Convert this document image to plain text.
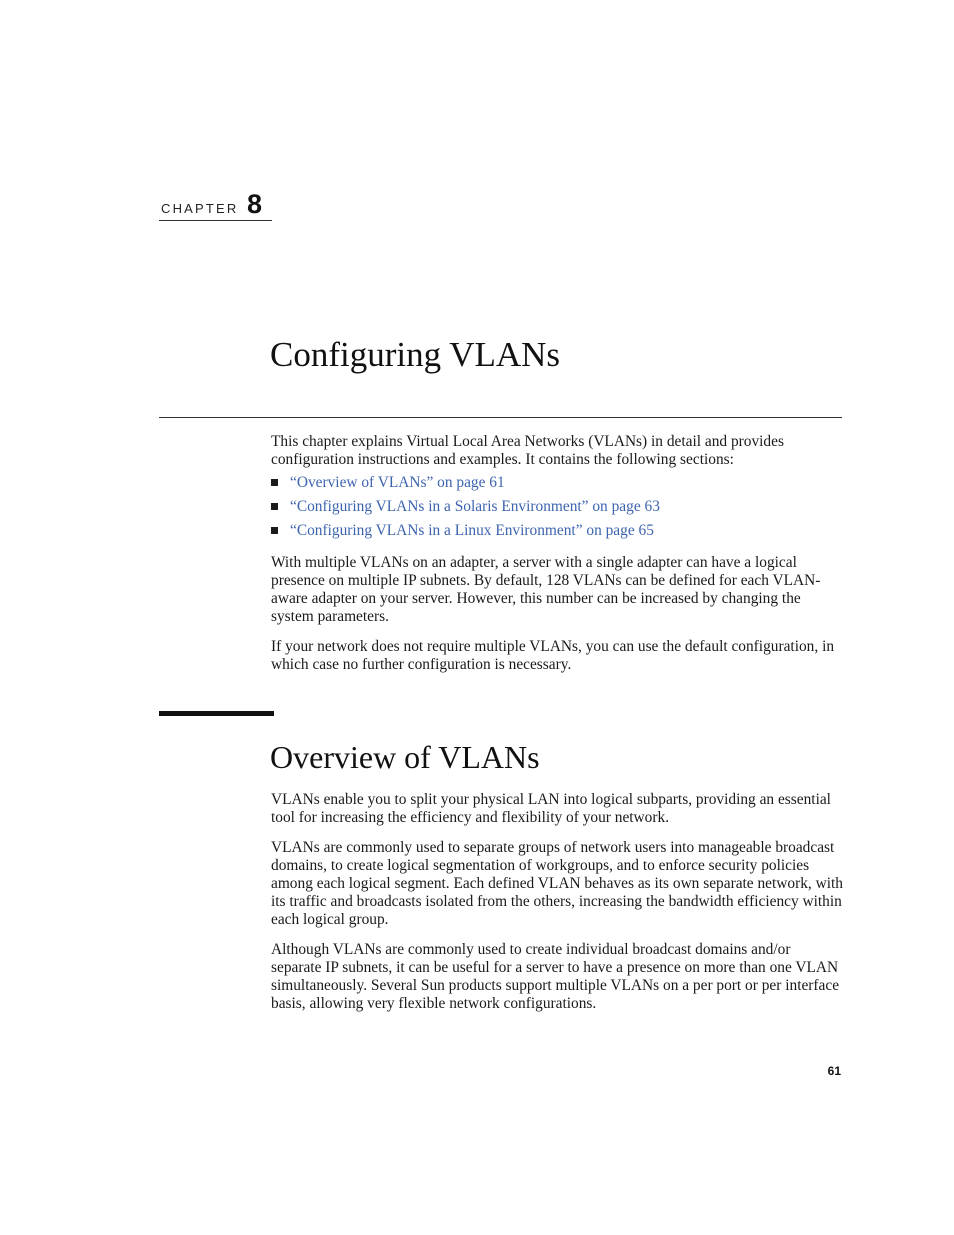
CHAPTER 8
Configuring VLANs

This chapter explains Virtual Local Area Networks (VLANs) in detail and provides configuration instructions and examples. It contains the following sections:

“Overview of VLANs” on page 61
“Configuring VLANs in a Solaris Environment” on page 63
“Configuring VLANs in a Linux Environment” on page 65

With multiple VLANs on an adapter, a server with a single adapter can have a logical presence on multiple IP subnets. By default, 128 VLANs can be defined for each VLAN-aware adapter on your server. However, this number can be increased by changing the system parameters.

If your network does not require multiple VLANs, you can use the default configuration, in which case no further configuration is necessary.

Overview of VLANs

VLANs enable you to split your physical LAN into logical subparts, providing an essential tool for increasing the efficiency and flexibility of your network.

VLANs are commonly used to separate groups of network users into manageable broadcast domains, to create logical segmentation of workgroups, and to enforce security policies among each logical segment. Each defined VLAN behaves as its own separate network, with its traffic and broadcasts isolated from the others, increasing the bandwidth efficiency within each logical group.

Although VLANs are commonly used to create individual broadcast domains and/or separate IP subnets, it can be useful for a server to have a presence on more than one VLAN simultaneously. Several Sun products support multiple VLANs on a per port or per interface basis, allowing very flexible network configurations.

61
